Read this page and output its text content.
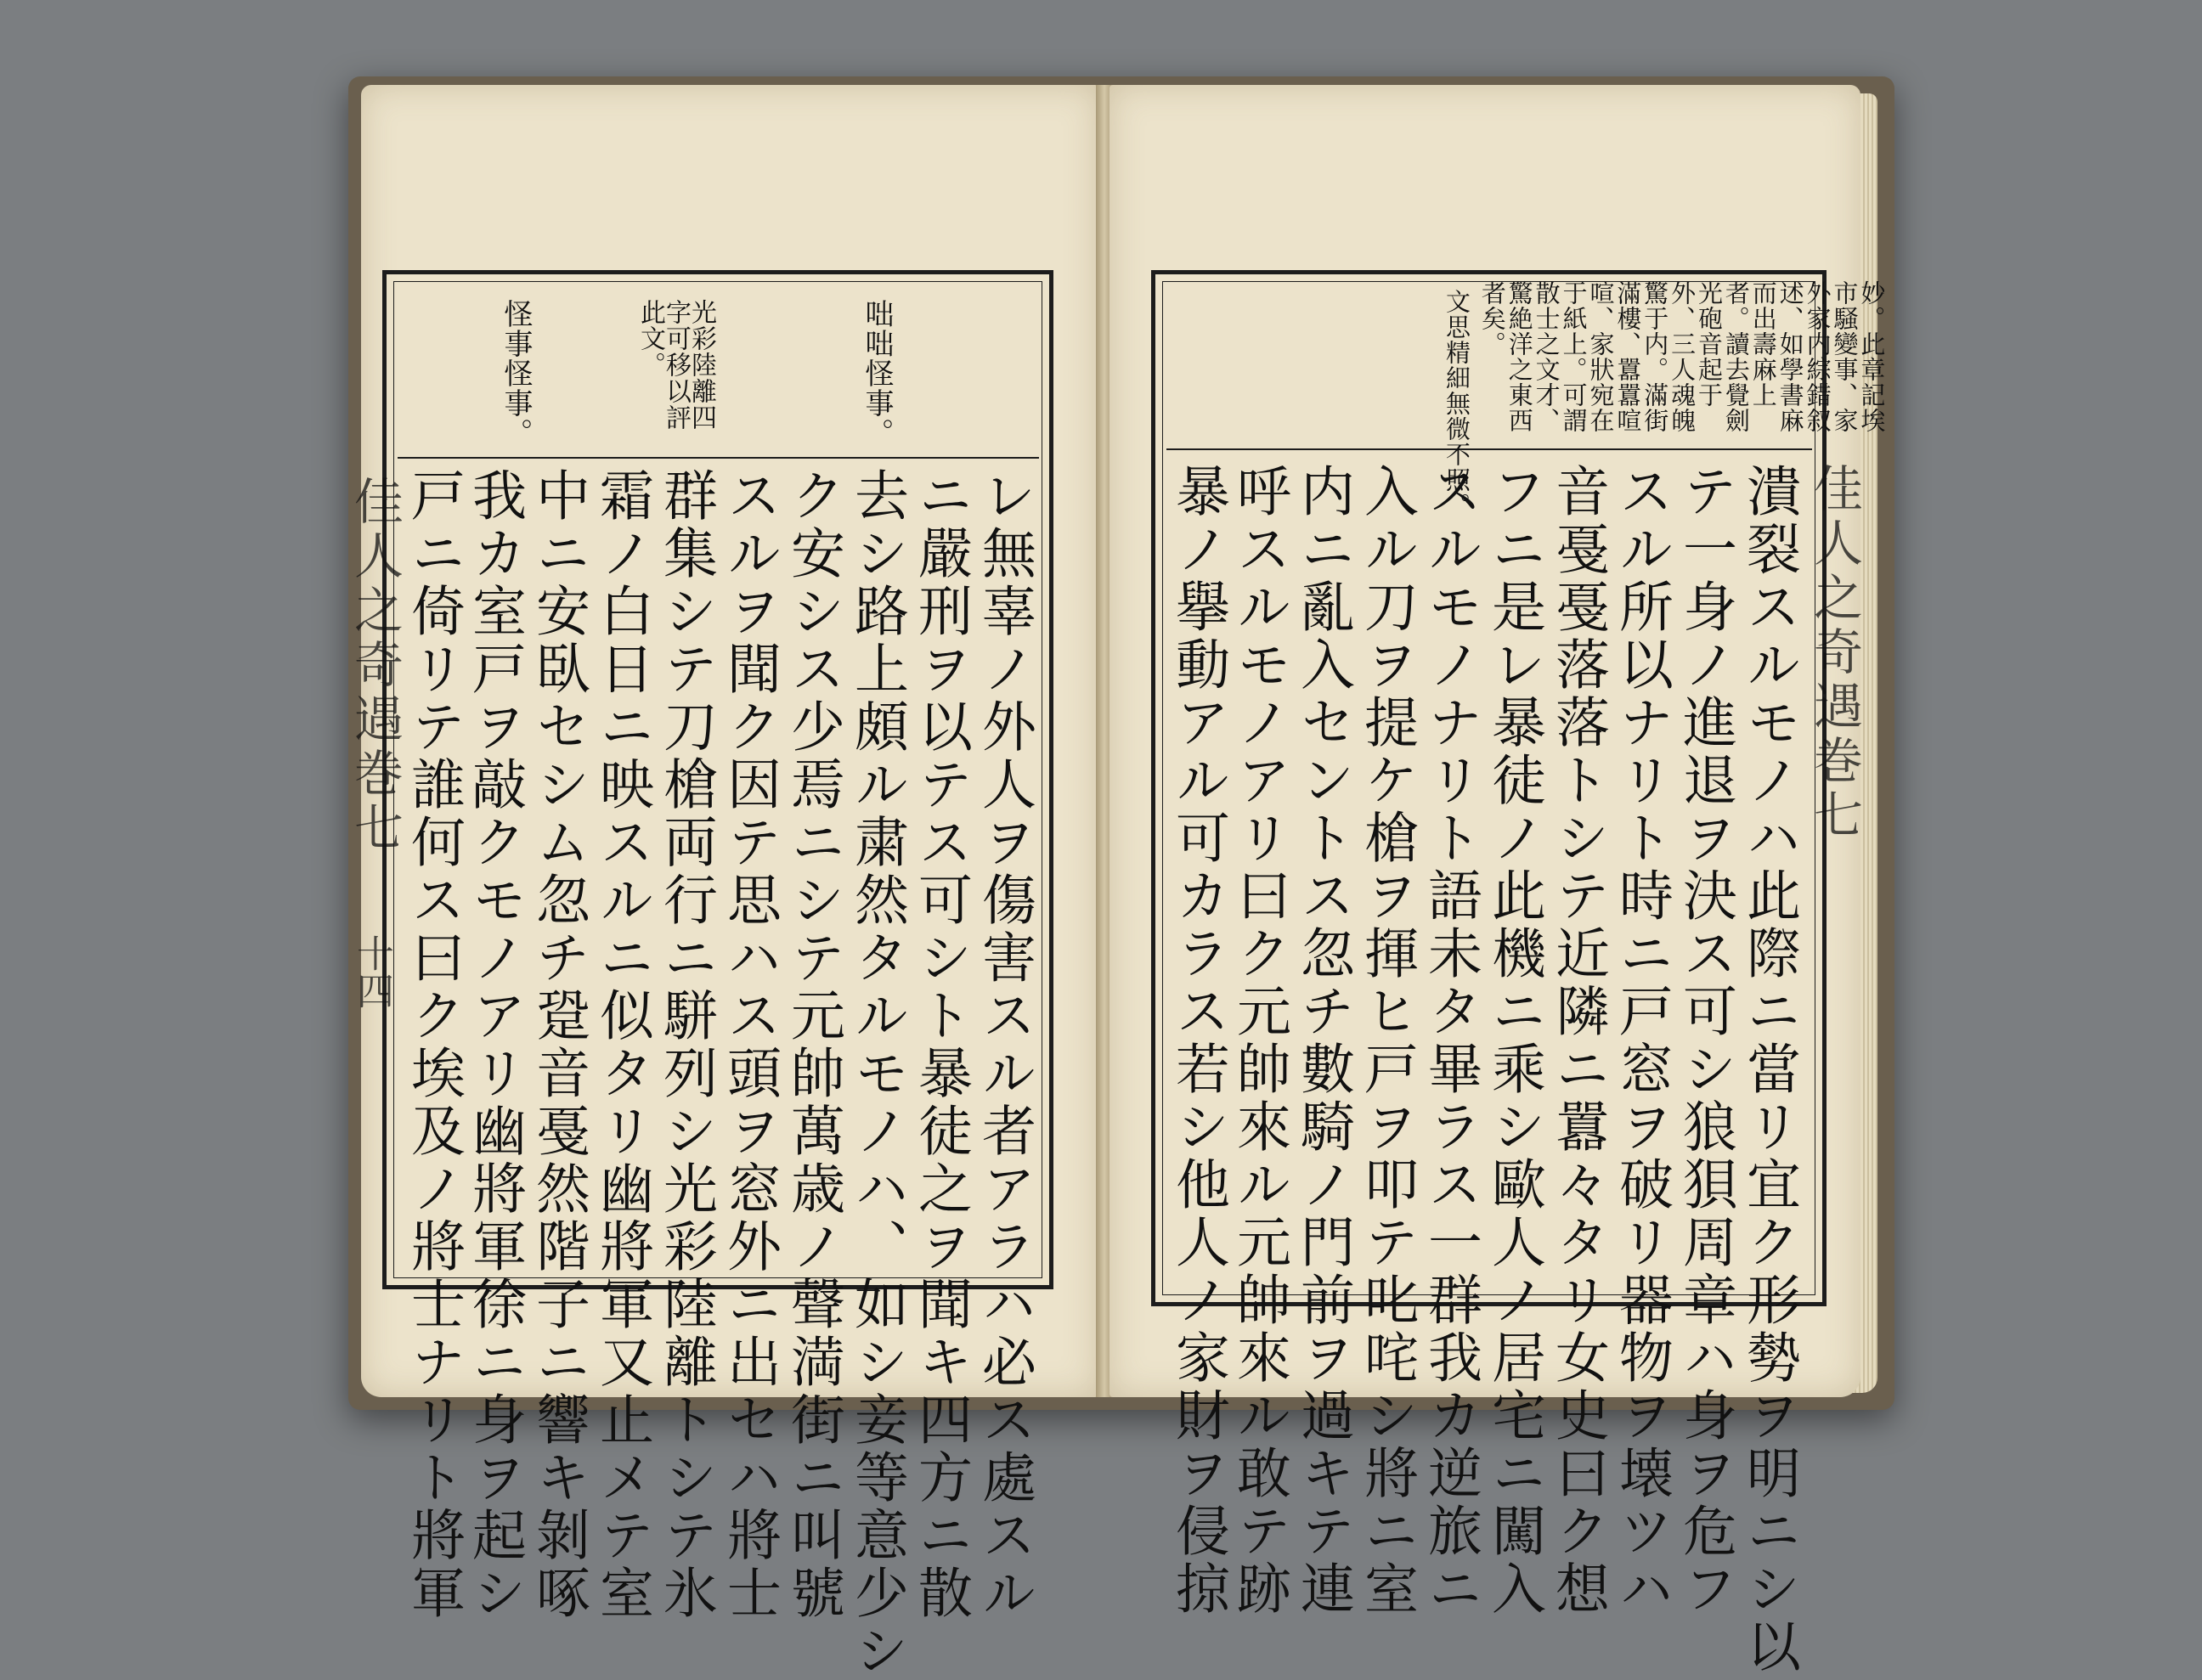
咄咄怪事。
光彩陸離四字可移以評此文。
怪事怪事。
佳人之奇遇巻七
十四	レ無辜ノ外人ヲ傷害スル者アラハ必ス處スル
ニ嚴刑ヲ以テス可シト暴徒之ヲ聞キ四方ニ散
去シ路上頗ル粛然タルモノハ、如シ妾等意少シ
ク安シス少焉ニシテ元帥萬歳ノ聲満街ニ叫號
スルヲ聞ク因テ思ハス頭ヲ窓外ニ出セハ將士
群集シテ刀槍両行ニ駢列シ光彩陸離トシテ氷
霜ノ白日ニ映スルニ似タリ幽將軍又止メテ室
中ニ安臥セシム忽チ跫音戞然階子ニ響キ剝啄
我カ室戸ヲ敲クモノアリ幽將軍徐ニ身ヲ起シ
戸ニ倚リテ誰何ス曰ク埃及ノ將士ナリト將軍
妙。此章記埃市騒變事、家外家内綜錯叙述、如學書麻而出壽麻上者。讀去覺劍光砲音起于外、三人魂魄驚于内。滿街滿樓、囂囂喧喧、家狀宛在于紙上。可謂散士之文才、驚絶洋之東西者矣。
文思精細無微不照。
佳人之奇遇巻七
潰裂スルモノハ此際ニ當リ宜ク形勢ヲ明ニシ以
テ一身ノ進退ヲ決ス可シ狼狽周章ハ身ヲ危フ
スル所以ナリト時ニ戸窓ヲ破リ器物ヲ壊ツハ
音戞戞落落トシテ近隣ニ囂々タリ女史曰ク想
フニ是レ暴徒ノ此機ニ乘シ歐人ノ居宅ニ闖入
スルモノナリト語未タ畢ラス一群我カ逆旅ニ
入ル刀ヲ提ケ槍ヲ揮ヒ戸ヲ叩テ叱咤シ將ニ室
内ニ亂入セントス忽チ數騎ノ門前ヲ過キテ連
呼スルモノアリ曰ク元帥來ル元帥來ル敢テ跡
暴ノ擧動アル可カラス若シ他人ノ家財ヲ侵掠
